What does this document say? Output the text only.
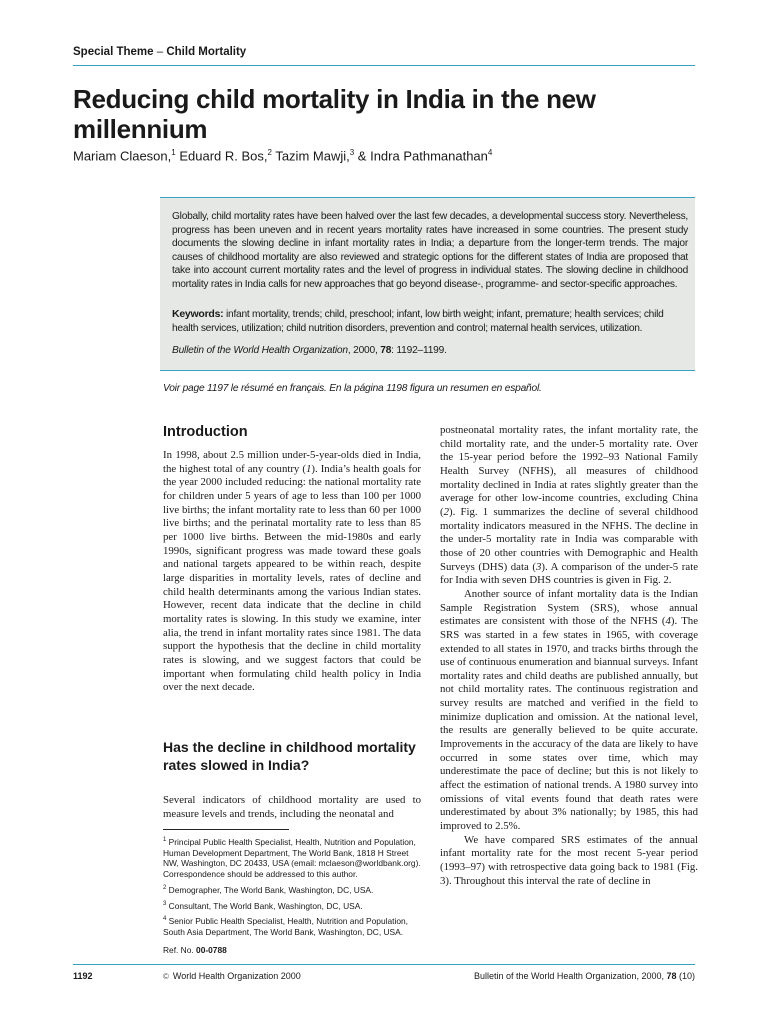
Special Theme – Child Mortality
Reducing child mortality in India in the new millennium
Mariam Claeson,$^1$ Eduard R. Bos,$^2$ Tazim Mawji,$^3$ & Indra Pathmanathan$^4$
Globally, child mortality rates have been halved over the last few decades, a developmental success story. Nevertheless, progress has been uneven and in recent years mortality rates have increased in some countries. The present study documents the slowing decline in infant mortality rates in India; a departure from the longer-term trends. The major causes of childhood mortality are also reviewed and strategic options for the different states of India are proposed that take into account current mortality rates and the level of progress in individual states. The slowing decline in childhood mortality rates in India calls for new approaches that go beyond disease-, programme- and sector-specific approaches.
Keywords: infant mortality, trends; child, preschool; infant, low birth weight; infant, premature; health services; child health services, utilization; child nutrition disorders, prevention and control; maternal health services, utilization.
Bulletin of the World Health Organization, 2000, 78: 1192–1199.
Voir page 1197 le résumé en français. En la página 1198 figura un resumen en español.
Introduction

In 1998, about 2.5 million under-5-year-olds died in India, the highest total of any country (1). India’s health goals for the year 2000 included reducing: the national mortality rate for children under 5 years of age to less than 100 per 1000 live births; the infant mortality rate to less than 60 per 1000 live births; and the perinatal mortality rate to less than 85 per 1000 live births. Between the mid-1980s and early 1990s, significant progress was made toward these goals and national targets appeared to be within reach, despite large disparities in mortality levels, rates of decline and child health determinants among the various Indian states. However, recent data indicate that the decline in child mortality rates is slowing. In this study we examine, inter alia, the trend in infant mortality rates since 1981. The data support the hypothesis that the decline in child mortality rates is slowing, and we suggest factors that could be important when formulating child health policy in India over the next decade.

Has the decline in childhood mortality rates slowed in India?

Several indicators of childhood mortality are used to measure levels and trends, including the neonatal and

$^1$ Principal Public Health Specialist, Health, Nutrition and Population, Human Development Department, The World Bank, 1818 H Street NW, Washington, DC 20433, USA (email: mclaeson@worldbank.org). Correspondence should be addressed to this author.
$^2$ Demographer, The World Bank, Washington, DC, USA.
$^3$ Consultant, The World Bank, Washington, DC, USA.
$^4$ Senior Public Health Specialist, Health, Nutrition and Population, South Asia Department, The World Bank, Washington, DC, USA.
Ref. No. 00-0788

postneonatal mortality rates, the infant mortality rate, the child mortality rate, and the under-5 mortality rate. Over the 15-year period before the 1992–93 National Family Health Survey (NFHS), all measures of childhood mortality declined in India at rates slightly greater than the average for other low-income countries, excluding China (2). Fig. 1 summarizes the decline of several childhood mortality indicators measured in the NFHS. The decline in the under-5 mortality rate in India was comparable with those of 20 other countries with Demographic and Health Surveys (DHS) data (3). A comparison of the under-5 rate for India with seven DHS countries is given in Fig. 2.

Another source of infant mortality data is the Indian Sample Registration System (SRS), whose annual estimates are consistent with those of the NFHS (4). The SRS was started in a few states in 1965, with coverage extended to all states in 1970, and tracks births through the use of continuous enumeration and biannual surveys. Infant mortality rates and child deaths are published annually, but not child mortality rates. The continuous registration and survey results are matched and verified in the field to minimize duplication and omission. At the national level, the results are generally believed to be quite accurate. Improvements in the accuracy of the data are likely to have occurred in some states over time, which may underestimate the pace of decline; but this is not likely to affect the estimation of national trends. A 1980 survey into omissions of vital events found that death rates were underestimated by about 3% nationally; by 1985, this had improved to 2.5%.

We have compared SRS estimates of the annual infant mortality rate for the most recent 5-year period (1993–97) with retrospective data going back to 1981 (Fig. 3). Throughout this interval the rate of decline in

1192	© World Health Organization 2000	Bulletin of the World Health Organization, 2000, 78 (10)
